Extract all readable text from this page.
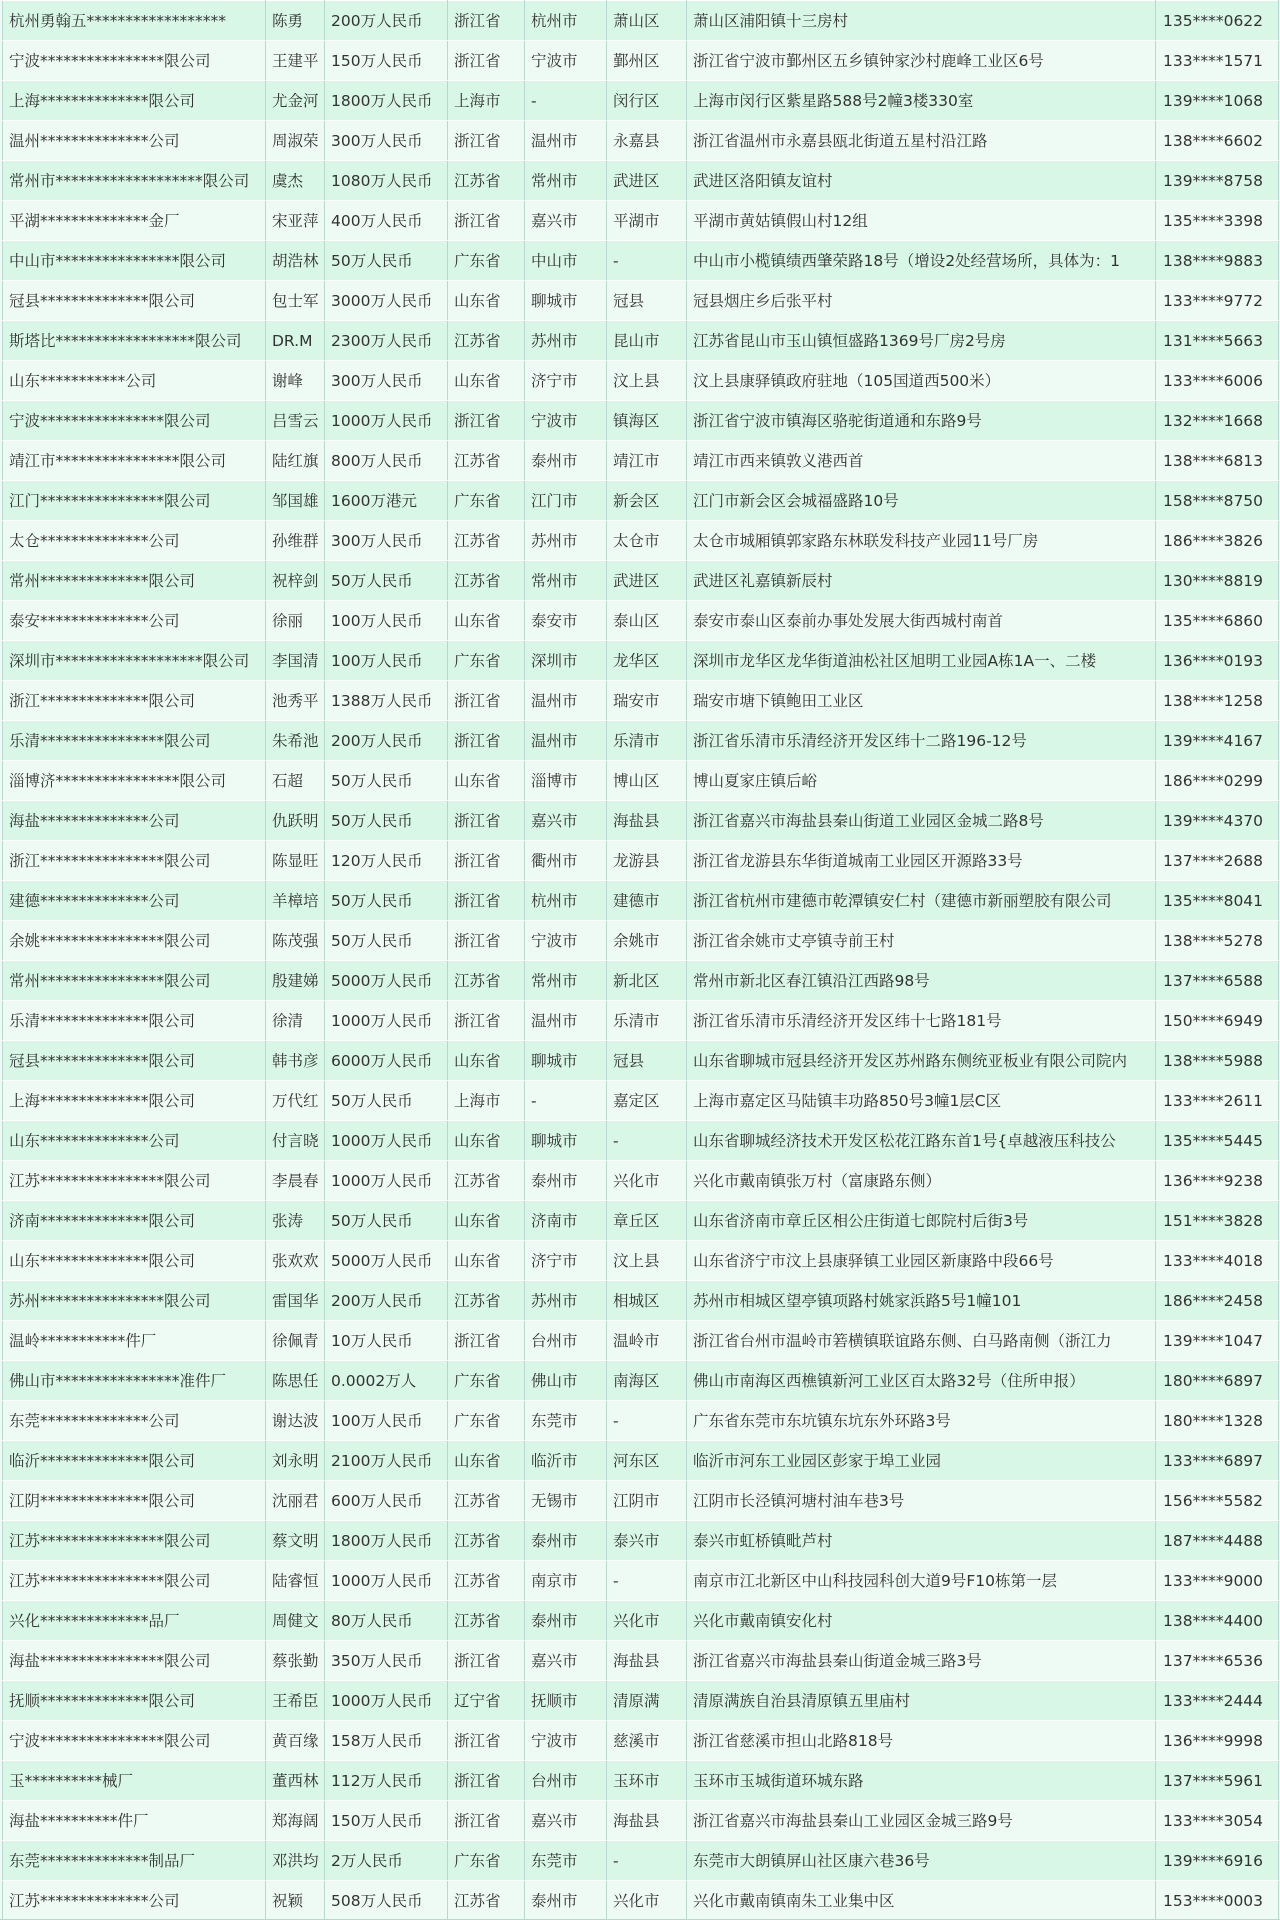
杭州勇翰五******************	陈勇	200万人民币	浙江省	杭州市	萧山区	萧山区浦阳镇十三房村	135****0622
宁波****************限公司	王建平	150万人民币	浙江省	宁波市	鄞州区	浙江省宁波市鄞州区五乡镇钟家沙村鹿峰工业区6号	133****1571
上海**************限公司	尤金河	1800万人民币	上海市	-	闵行区	上海市闵行区紫星路588号2幢3楼330室	139****1068
温州**************公司	周淑荣	300万人民币	浙江省	温州市	永嘉县	浙江省温州市永嘉县瓯北街道五星村沿江路	138****6602
常州市*******************限公司	虞杰	1080万人民币	江苏省	常州市	武进区	武进区洛阳镇友谊村	139****8758
平湖**************金厂	宋亚萍	400万人民币	浙江省	嘉兴市	平湖市	平湖市黄姑镇假山村12组	135****3398
中山市****************限公司	胡浩林	50万人民币	广东省	中山市	-	中山市小榄镇绩西肇荣路18号（增设2处经营场所，具体为：1	138****9883
冠县**************限公司	包士军	3000万人民币	山东省	聊城市	冠县	冠县烟庄乡后张平村	133****9772
斯塔比******************限公司	DR.M	2300万人民币	江苏省	苏州市	昆山市	江苏省昆山市玉山镇恒盛路1369号厂房2号房	131****5663
山东***********公司	谢峰	300万人民币	山东省	济宁市	汶上县	汶上县康驿镇政府驻地（105国道西500米）	133****6006
宁波****************限公司	吕雪云	1000万人民币	浙江省	宁波市	镇海区	浙江省宁波市镇海区骆驼街道通和东路9号	132****1668
靖江市****************限公司	陆红旗	800万人民币	江苏省	泰州市	靖江市	靖江市西来镇敦义港西首	138****6813
江门****************限公司	邹国雄	1600万港元	广东省	江门市	新会区	江门市新会区会城福盛路10号	158****8750
太仓**************公司	孙维群	300万人民币	江苏省	苏州市	太仓市	太仓市城厢镇郭家路东林联发科技产业园11号厂房	186****3826
常州**************限公司	祝梓剑	50万人民币	江苏省	常州市	武进区	武进区礼嘉镇新辰村	130****8819
泰安**************公司	徐丽	100万人民币	山东省	泰安市	泰山区	泰安市泰山区泰前办事处发展大街西城村南首	135****6860
深圳市*******************限公司	李国清	100万人民币	广东省	深圳市	龙华区	深圳市龙华区龙华街道油松社区旭明工业园A栋1A一、二楼	136****0193
浙江**************限公司	池秀平	1388万人民币	浙江省	温州市	瑞安市	瑞安市塘下镇鲍田工业区	138****1258
乐清****************限公司	朱希池	200万人民币	浙江省	温州市	乐清市	浙江省乐清市乐清经济开发区纬十二路196-12号	139****4167
淄博济****************限公司	石超	50万人民币	山东省	淄博市	博山区	博山夏家庄镇后峪	186****0299
海盐**************公司	仇跃明	50万人民币	浙江省	嘉兴市	海盐县	浙江省嘉兴市海盐县秦山街道工业园区金城二路8号	139****4370
浙江****************限公司	陈显旺	120万人民币	浙江省	衢州市	龙游县	浙江省龙游县东华街道城南工业园区开源路33号	137****2688
建德**************公司	羊樟培	50万人民币	浙江省	杭州市	建德市	浙江省杭州市建德市乾潭镇安仁村（建德市新丽塑胶有限公司	135****8041
余姚****************限公司	陈茂强	50万人民币	浙江省	宁波市	余姚市	浙江省余姚市丈亭镇寺前王村	138****5278
常州****************限公司	殷建娣	5000万人民币	江苏省	常州市	新北区	常州市新北区春江镇沿江西路98号	137****6588
乐清**************限公司	徐清	1000万人民币	浙江省	温州市	乐清市	浙江省乐清市乐清经济开发区纬十七路181号	150****6949
冠县**************限公司	韩书彦	6000万人民币	山东省	聊城市	冠县	山东省聊城市冠县经济开发区苏州路东侧统亚板业有限公司院内	138****5988
上海**************限公司	万代红	50万人民币	上海市	-	嘉定区	上海市嘉定区马陆镇丰功路850号3幢1层C区	133****2611
山东**************公司	付言晓	1000万人民币	山东省	聊城市	-	山东省聊城经济技术开发区松花江路东首1号{卓越液压科技公	135****5445
江苏****************限公司	李晨春	1000万人民币	江苏省	泰州市	兴化市	兴化市戴南镇张万村（富康路东侧）	136****9238
济南**************限公司	张涛	50万人民币	山东省	济南市	章丘区	山东省济南市章丘区相公庄街道七郎院村后街3号	151****3828
山东**************限公司	张欢欢	5000万人民币	山东省	济宁市	汶上县	山东省济宁市汶上县康驿镇工业园区新康路中段66号	133****4018
苏州****************限公司	雷国华	200万人民币	江苏省	苏州市	相城区	苏州市相城区望亭镇项路村姚家浜路5号1幢101	186****2458
温岭***********件厂	徐佩青	10万人民币	浙江省	台州市	温岭市	浙江省台州市温岭市箬横镇联谊路东侧、白马路南侧（浙江力	139****1047
佛山市****************准件厂	陈思任	0.0002万人	广东省	佛山市	南海区	佛山市南海区西樵镇新河工业区百太路32号（住所申报）	180****6897
东莞**************公司	谢达波	100万人民币	广东省	东莞市	-	广东省东莞市东坑镇东坑东外环路3号	180****1328
临沂**************限公司	刘永明	2100万人民币	山东省	临沂市	河东区	临沂市河东工业园区彭家于埠工业园	133****6897
江阴**************限公司	沈丽君	600万人民币	江苏省	无锡市	江阴市	江阴市长泾镇河塘村油车巷3号	156****5582
江苏****************限公司	蔡文明	1800万人民币	江苏省	泰州市	泰兴市	泰兴市虹桥镇毗芦村	187****4488
江苏****************限公司	陆睿恒	1000万人民币	江苏省	南京市	-	南京市江北新区中山科技园科创大道9号F10栋第一层	133****9000
兴化**************品厂	周健文	80万人民币	江苏省	泰州市	兴化市	兴化市戴南镇安化村	138****4400
海盐****************限公司	蔡张勤	350万人民币	浙江省	嘉兴市	海盐县	浙江省嘉兴市海盐县秦山街道金城三路3号	137****6536
抚顺**************限公司	王希臣	1000万人民币	辽宁省	抚顺市	清原满	清原满族自治县清原镇五里庙村	133****2444
宁波****************限公司	黄百缘	158万人民币	浙江省	宁波市	慈溪市	浙江省慈溪市担山北路818号	136****9998
玉**********械厂	董西林	112万人民币	浙江省	台州市	玉环市	玉环市玉城街道环城东路	137****5961
海盐**********件厂	郑海阔	150万人民币	浙江省	嘉兴市	海盐县	浙江省嘉兴市海盐县秦山工业园区金城三路9号	133****3054
东莞**************制品厂	邓洪均	2万人民币	广东省	东莞市	-	东莞市大朗镇屏山社区康六巷36号	139****6916
江苏**************公司	祝颖	508万人民币	江苏省	泰州市	兴化市	兴化市戴南镇南朱工业集中区	153****0003
